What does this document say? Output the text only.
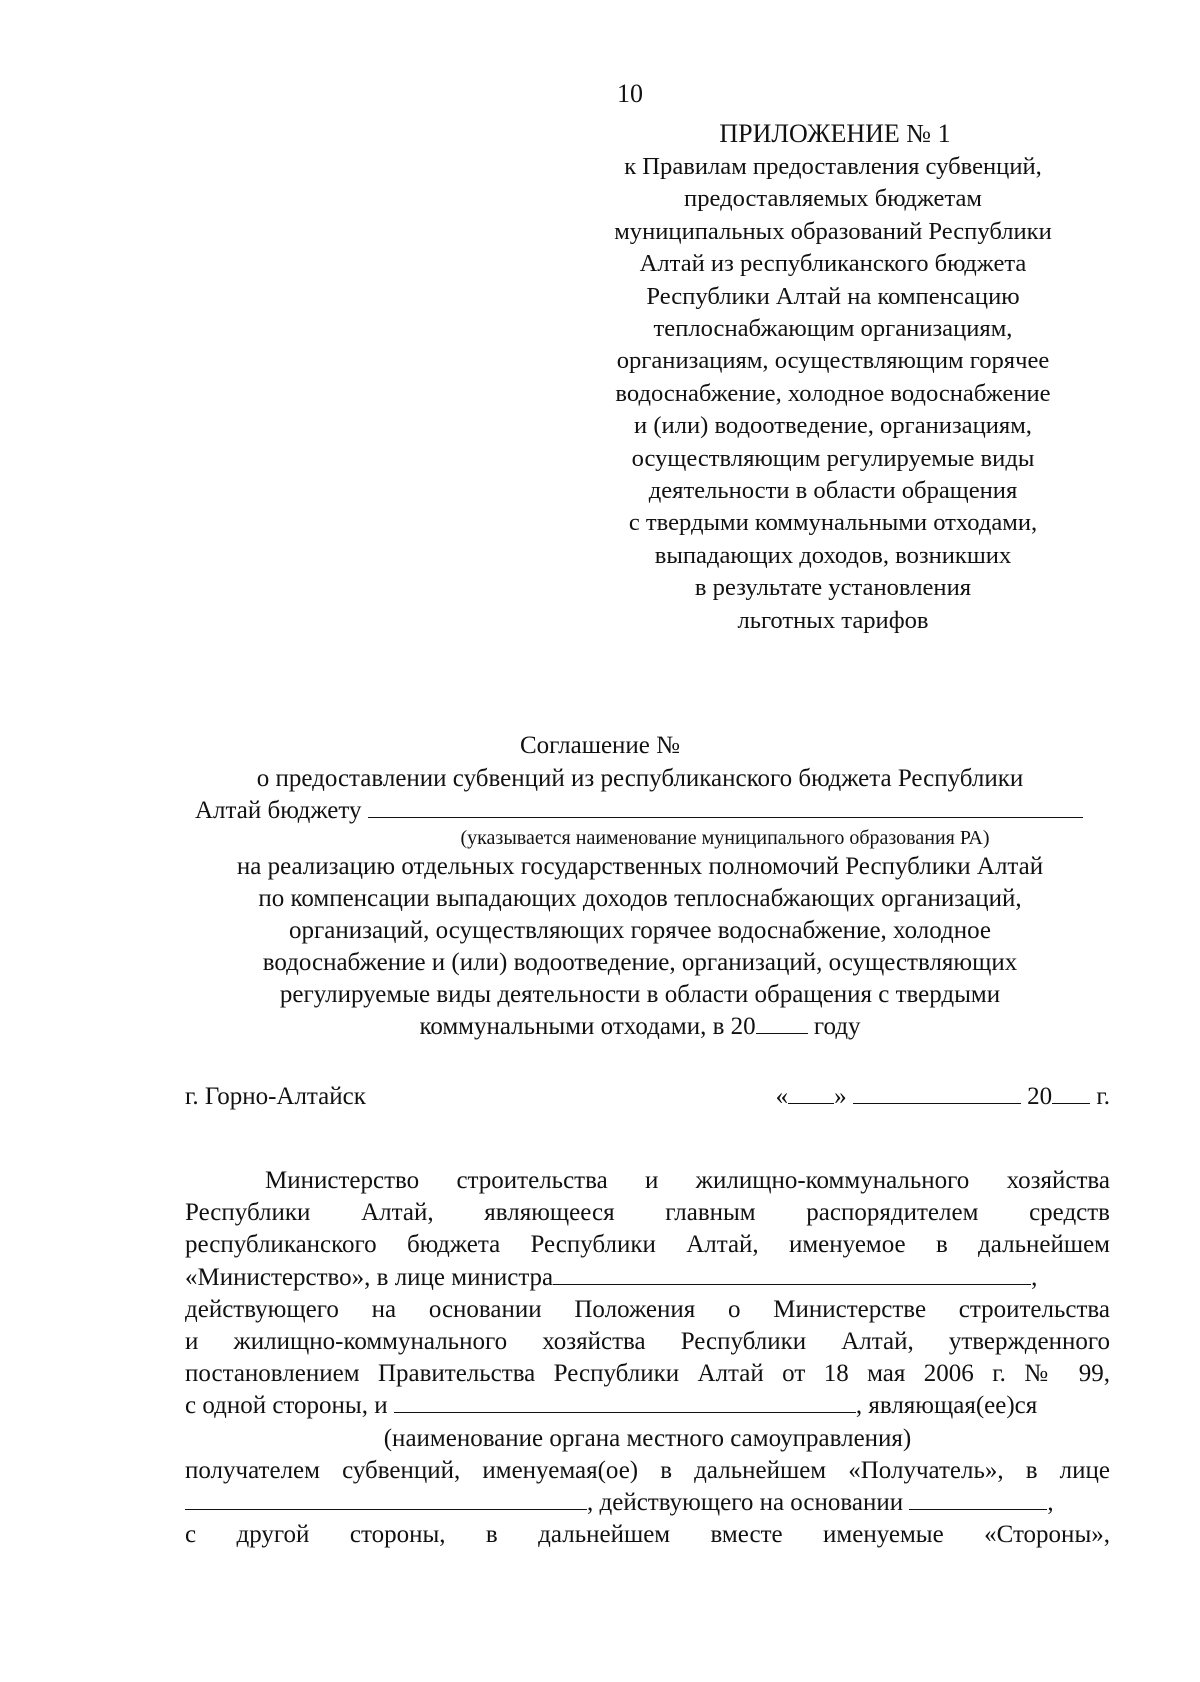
10
ПРИЛОЖЕНИЕ № 1
к Правилам предоставления субвенций,
предоставляемых бюджетам
муниципальных образований Республики
Алтай из республиканского бюджета
Республики Алтай на компенсацию
теплоснабжающим организациям,
организациям, осуществляющим горячее
водоснабжение, холодное водоснабжение
и (или) водоотведение, организациям,
осуществляющим регулируемые виды
деятельности в области обращения
с твердыми коммунальными отходами,
выпадающих доходов, возникших
в результате установления
льготных тарифов
Соглашение №
о предоставлении субвенций из республиканского бюджета Республики
Алтай бюджету
(указывается наименование муниципального образования РА)
на реализацию отдельных государственных полномочий Республики Алтай
по компенсации выпадающих доходов теплоснабжающих организаций,
организаций, осуществляющих горячее водоснабжение, холодное
водоснабжение и (или) водоотведение, организаций, осуществляющих
регулируемые виды деятельности в области обращения с твердыми
коммунальными отходами, в 20 году
г. Горно-Алтайск	« »	20 г.
Министерство строительства и жилищно-коммунального хозяйства
Республики Алтай, являющееся главным распорядителем средств
республиканского бюджета Республики Алтай, именуемое в дальнейшем
«Министерство», в лице министра	,
действующего на основании Положения о Министерстве строительства
и жилищно-коммунального хозяйства Республики Алтай, утвержденного
постановлением Правительства Республики Алтай от 18 мая 2006 г. № 99,
с одной стороны, и	, являющая(ее)ся
(наименование органа местного самоуправления)
получателем субвенций, именуемая(ое) в дальнейшем «Получатель», в лице
, действующего на основании	,
с другой стороны, в дальнейшем вместе именуемые «Стороны»,
